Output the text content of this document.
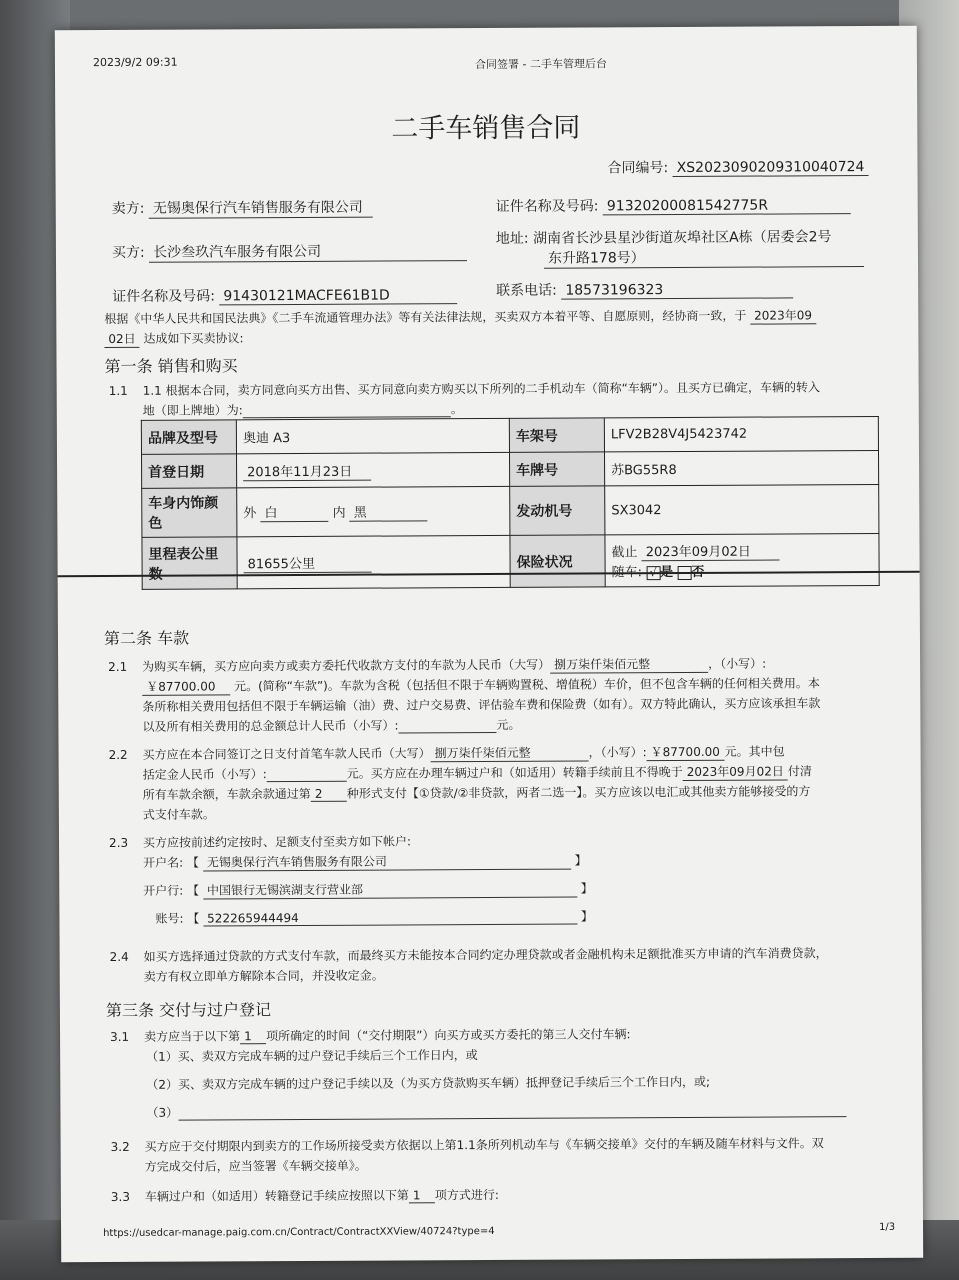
2023/9/2 09:31	合同签署 - 二手车管理后台
二手车销售合同
合同编号: XS2023090209310040724
卖方: 无锡奥保行汽车销售服务有限公司	证件名称及号码: 91320200081542775R
买方: 长沙叁玖汽车服务有限公司
地址: 湖南省长沙县星沙街道灰埠社区A栋（居委会2号
东升路178号）
证件名称及号码: 91430121MACFE61B1D	联系电话: 18573196323
根据《中华人民共和国民法典》《二手车流通管理办法》等有关法律法规，买卖双方本着平等、自愿原则，经协商一致，于 2023年09
02日 达成如下买卖协议:
第一条 销售和购买
1.1 1.1 根据本合同，卖方同意向买方出售、买方同意向卖方购买以下所列的二手机动车（简称“车辆”）。且买方已确定，车辆的转入
地（即上牌地）为:	。
品牌及型号	奥迪 A3	车架号	LFV2B28V4J5423742
首登日期	2018年11月23日	车牌号	苏BG55R8
车身内饰颜
色	外 白 内 黑	发动机号	SX3042
里程表公里	81655公里	保险状况	截止 2023年09月02日

第二条 车款
2.1 为购买车辆，买方应向卖方或卖方委托代收款方支付的车款为人民币（大写） 捌万柒仟柒佰元整	，（小写）:
￥87700.00 元。(简称“车款”)。车款为含税（包括但不限于车辆购置税、增值税）车价，但不包含车辆的任何相关费用。本
条所称相关费用包括但不限于车辆运输（油）费、过户交易费、评估验车费和保险费（如有）。双方特此确认，买方应该承担车款
以及所有相关费用的总金额总计人民币（小写）:	元。
2.2 买方应在本合同签订之日支付首笔车款人民币（大写） 捌万柒仟柒佰元整	，（小写）: ￥87700.00 元。其中包
括定金人民币（小写）:	元。买方应在办理车辆过户和（如适用）转籍手续前且不得晚于 2023年09月02日 付清
所有车款余额，车款余款通过第 2 种形式支付【①贷款/②非贷款，两者二选一】。买方应该以电汇或其他卖方能够接受的方
式支付车款。
2.3 买方应按前述约定按时、足额支付至卖方如下帐户:
开户名: 【 无锡奥保行汽车销售服务有限公司	】
开户行: 【 中国银行无锡滨湖支行营业部	】
账号: 【 522265944494	】
2.4 如买方选择通过贷款的方式支付车款，而最终买方未能按本合同约定办理贷款或者金融机构未足额批准买方申请的汽车消费贷款，
卖方有权立即单方解除本合同，并没收定金。
第三条 交付与过户登记
3.1 卖方应当于以下第 1 项所确定的时间（“交付期限”）向买方或买方委托的第三人交付车辆:
（1）买、卖双方完成车辆的过户登记手续后三个工作日内，或
（2）买、卖双方完成车辆的过户登记手续以及（为买方贷款购买车辆）抵押登记手续后三个工作日内，或;
（3）
3.2 买方应于交付期限内到卖方的工作场所接受卖方依据以上第1.1条所列机动车与《车辆交接单》交付的车辆及随车材料与文件。双
方完成交付后，应当签署《车辆交接单》。
3.3 车辆过户和（如适用）转籍登记手续应按照以下第 1 项方式进行:
https://usedcar-manage.paig.com.cn/Contract/ContractXXView/40724?type=4	1/3
